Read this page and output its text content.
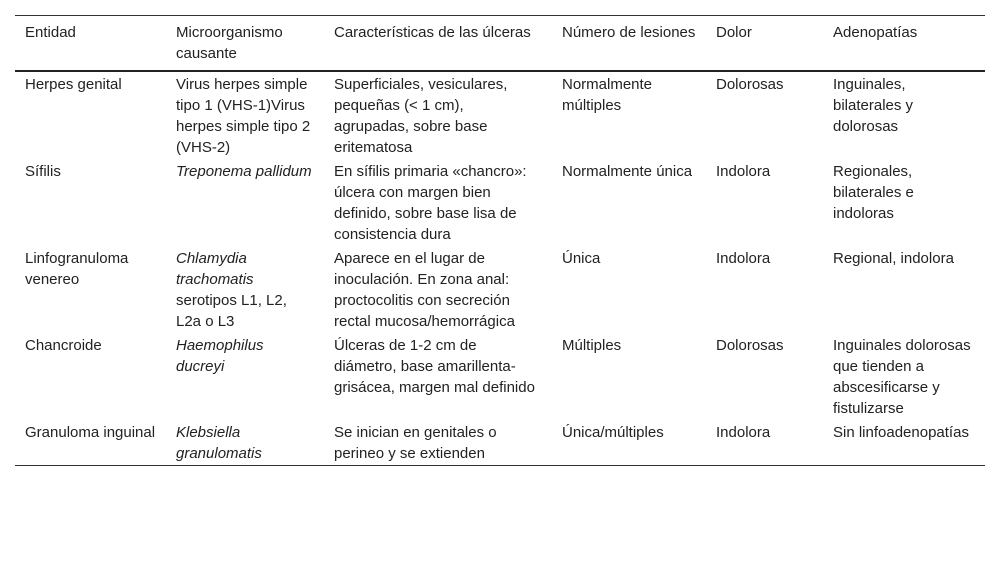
Entidad	Microorganismo causante	Características de las úlceras	Número de lesiones	Dolor	Adenopatías
Herpes genital	Virus herpes simple tipo 1 (VHS-1)Virus herpes simple tipo 2 (VHS-2)	Superficiales, vesiculares, pequeñas (< 1 cm), agrupadas, sobre base eritematosa	Normalmente múltiples	Dolorosas	Inguinales, bilaterales y dolorosas
Sífilis	Treponema pallidum	En sífilis primaria «chancro»: úlcera con margen bien definido, sobre base lisa de consistencia dura	Normalmente única	Indolora	Regionales, bilaterales e indoloras
Linfogranuloma venereo	Chlamydia trachomatis serotipos L1, L2, L2a o L3	Aparece en el lugar de inoculación. En zona anal: proctocolitis con secreción rectal mucosa/hemorrágica	Única	Indolora	Regional, indolora
Chancroide	Haemophilus ducreyi	Úlceras de 1-2 cm de diámetro, base amarillenta-grisácea, margen mal definido	Múltiples	Dolorosas	Inguinales dolorosas que tienden a abscesificarse y fistulizarse
Granuloma inguinal	Klebsiella granulomatis	Se inician en genitales o perineo y se extienden	Única/múltiples	Indolora	Sin linfoadenopatías
